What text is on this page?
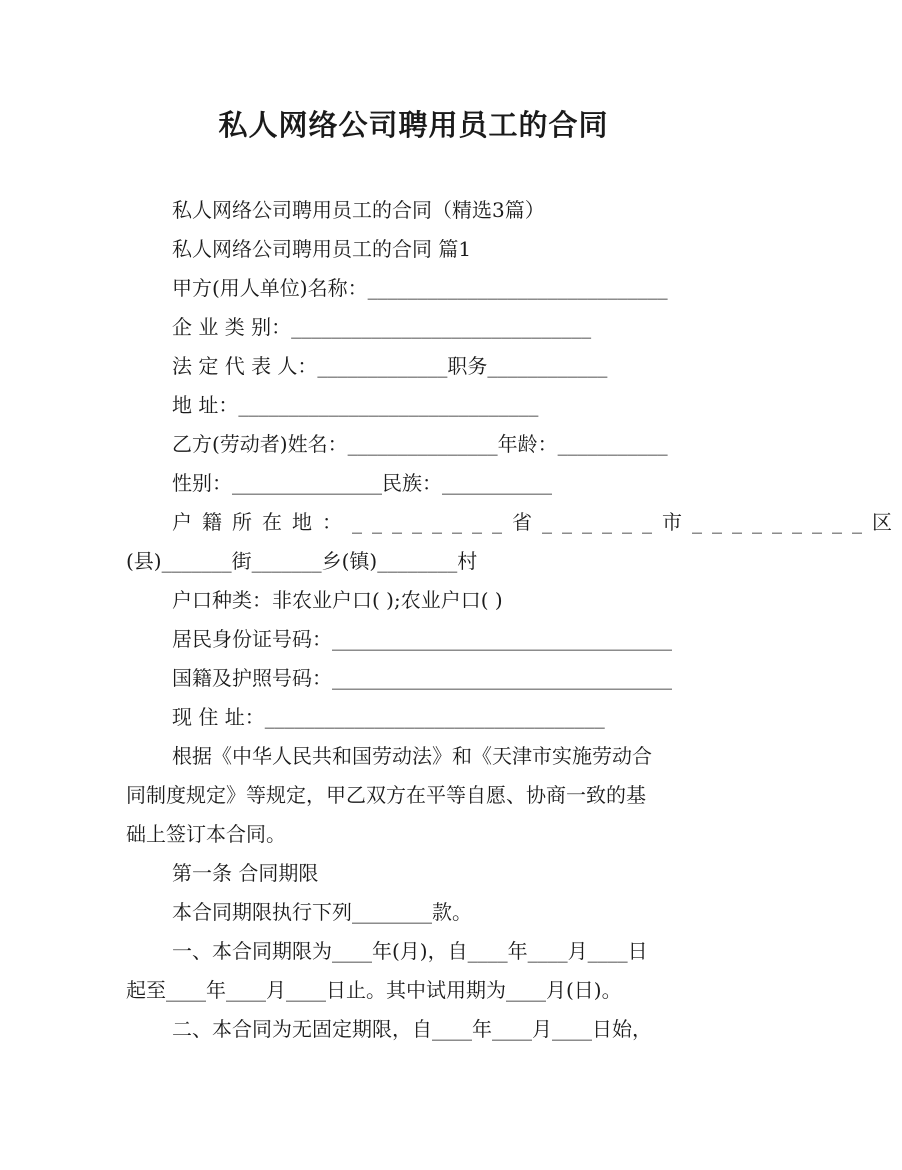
私人网络公司聘用员工的合同
私人网络公司聘用员工的合同（精选3篇）
私人网络公司聘用员工的合同 篇1
甲方(用人单位)名称：______________________________
企 业 类 别：______________________________
法 定 代 表 人：_____________职务____________
地 址：______________________________
乙方(劳动者)姓名：_______________年龄：___________
性别：_______________民族：___________
户籍所在地：________省______市_________区
(县)_______街_______乡(镇)________村
户口种类：非农业户口( );农业户口( )
居民身份证号码：__________________________________
国籍及护照号码：__________________________________
现 住 址：__________________________________
根据《中华人民共和国劳动法》和《天津市实施劳动合
同制度规定》等规定，甲乙双方在平等自愿、协商一致的基
础上签订本合同。
第一条 合同期限
本合同期限执行下列________款。
一、本合同期限为____年(月)，自____年____月____日
起至____年____月____日止。其中试用期为____月(日)。
二、本合同为无固定期限，自____年____月____日始，
